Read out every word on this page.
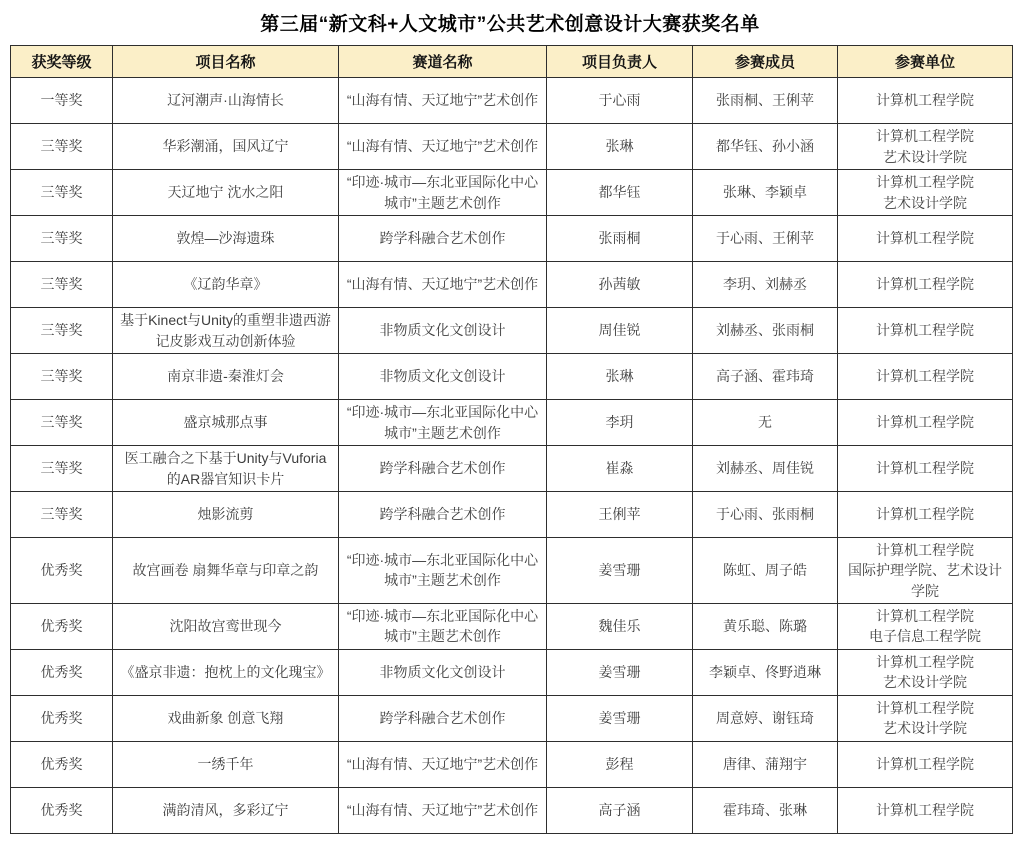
第三届“新文科+人文城市”公共艺术创意设计大赛获奖名单
获奖等级	项目名称	赛道名称	项目负责人	参赛成员	参赛单位
一等奖	辽河潮声·山海情长	“山海有情、天辽地宁”艺术创作	于心雨	张雨桐、王俐苹	计算机工程学院
三等奖	华彩潮涌，国风辽宁	“山海有情、天辽地宁”艺术创作	张琳	都华钰、孙小涵	计算机工程学院
艺术设计学院
三等奖	天辽地宁 沈水之阳	“印迹·城市—东北亚国际化中心城市”主题艺术创作	都华钰	张琳、李颖卓	计算机工程学院
艺术设计学院
三等奖	敦煌—沙海遗珠	跨学科融合艺术创作	张雨桐	于心雨、王俐苹	计算机工程学院
三等奖	《辽韵华章》	“山海有情、天辽地宁”艺术创作	孙茜敏	李玥、刘赫丞	计算机工程学院
三等奖	基于Kinect与Unity的重塑非遗西游记皮影戏互动创新体验	非物质文化文创设计	周佳锐	刘赫丞、张雨桐	计算机工程学院
三等奖	南京非遗-秦淮灯会	非物质文化文创设计	张琳	高子涵、霍玮琦	计算机工程学院
三等奖	盛京城那点事	“印迹·城市—东北亚国际化中心城市”主题艺术创作	李玥	无	计算机工程学院
三等奖	医工融合之下基于Unity与Vuforia的AR器官知识卡片	跨学科融合艺术创作	崔淼	刘赫丞、周佳锐	计算机工程学院
三等奖	烛影流剪	跨学科融合艺术创作	王俐苹	于心雨、张雨桐	计算机工程学院
优秀奖	故宫画卷 扇舞华章与印章之韵	“印迹·城市—东北亚国际化中心城市”主题艺术创作	姜雪珊	陈虹、周子皓	计算机工程学院
国际护理学院、艺术设计学院
优秀奖	沈阳故宫鸾世现今	“印迹·城市—东北亚国际化中心城市”主题艺术创作	魏佳乐	黄乐聪、陈璐	计算机工程学院
电子信息工程学院
优秀奖	《盛京非遗：抱枕上的文化瑰宝》	非物质文化文创设计	姜雪珊	李颖卓、佟野逍琳	计算机工程学院
艺术设计学院
优秀奖	戏曲新象 创意飞翔	跨学科融合艺术创作	姜雪珊	周意婷、谢钰琦	计算机工程学院
艺术设计学院
优秀奖	一绣千年	“山海有情、天辽地宁”艺术创作	彭程	唐律、蒲翔宇	计算机工程学院
优秀奖	满韵清风，多彩辽宁	“山海有情、天辽地宁”艺术创作	高子涵	霍玮琦、张琳	计算机工程学院
